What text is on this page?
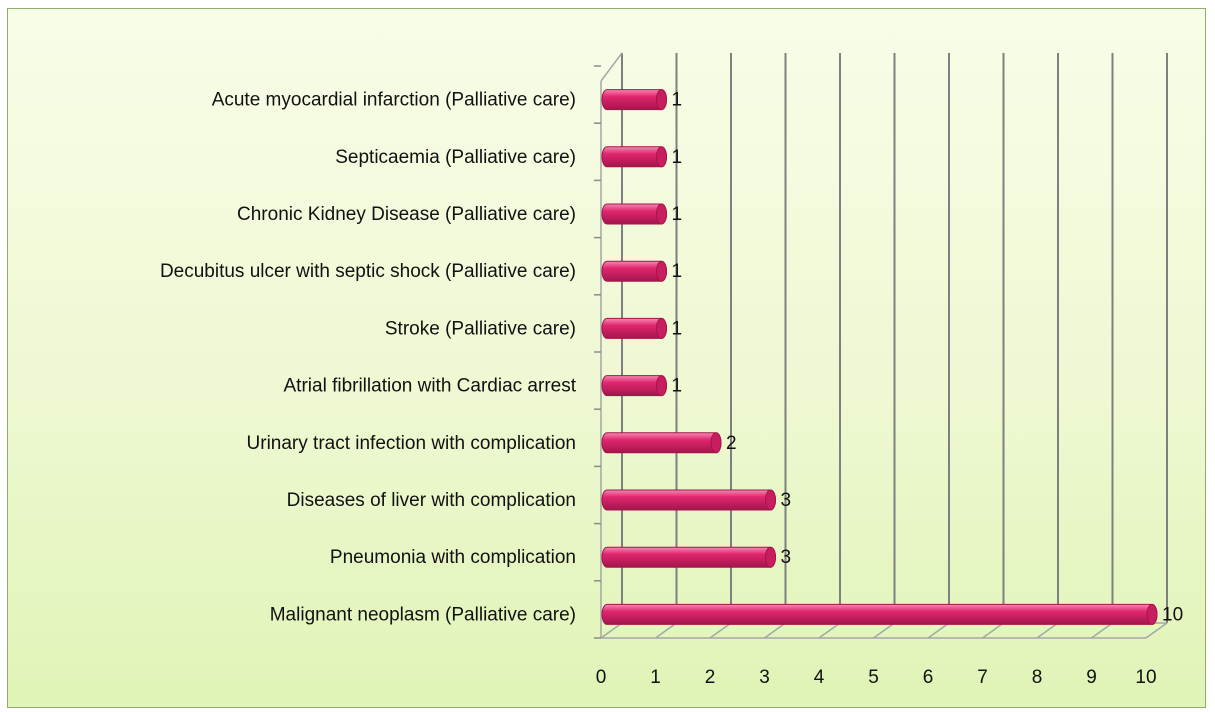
0 1 2 3 4 5 6 7 8 9 10
Malignant neoplasm (Palliative care)
Pneumonia with complication
Diseases of liver with complication
Urinary tract infection with complication
Atrial fibrillation with Cardiac arrest
Stroke (Palliative care)
Decubitus ulcer with septic shock (Palliative care)
Chronic Kidney Disease (Palliative care)
Septicaemia (Palliative care)
Acute myocardial infarction (Palliative care)
10
3
3
2
1
1
1
1
1
1
